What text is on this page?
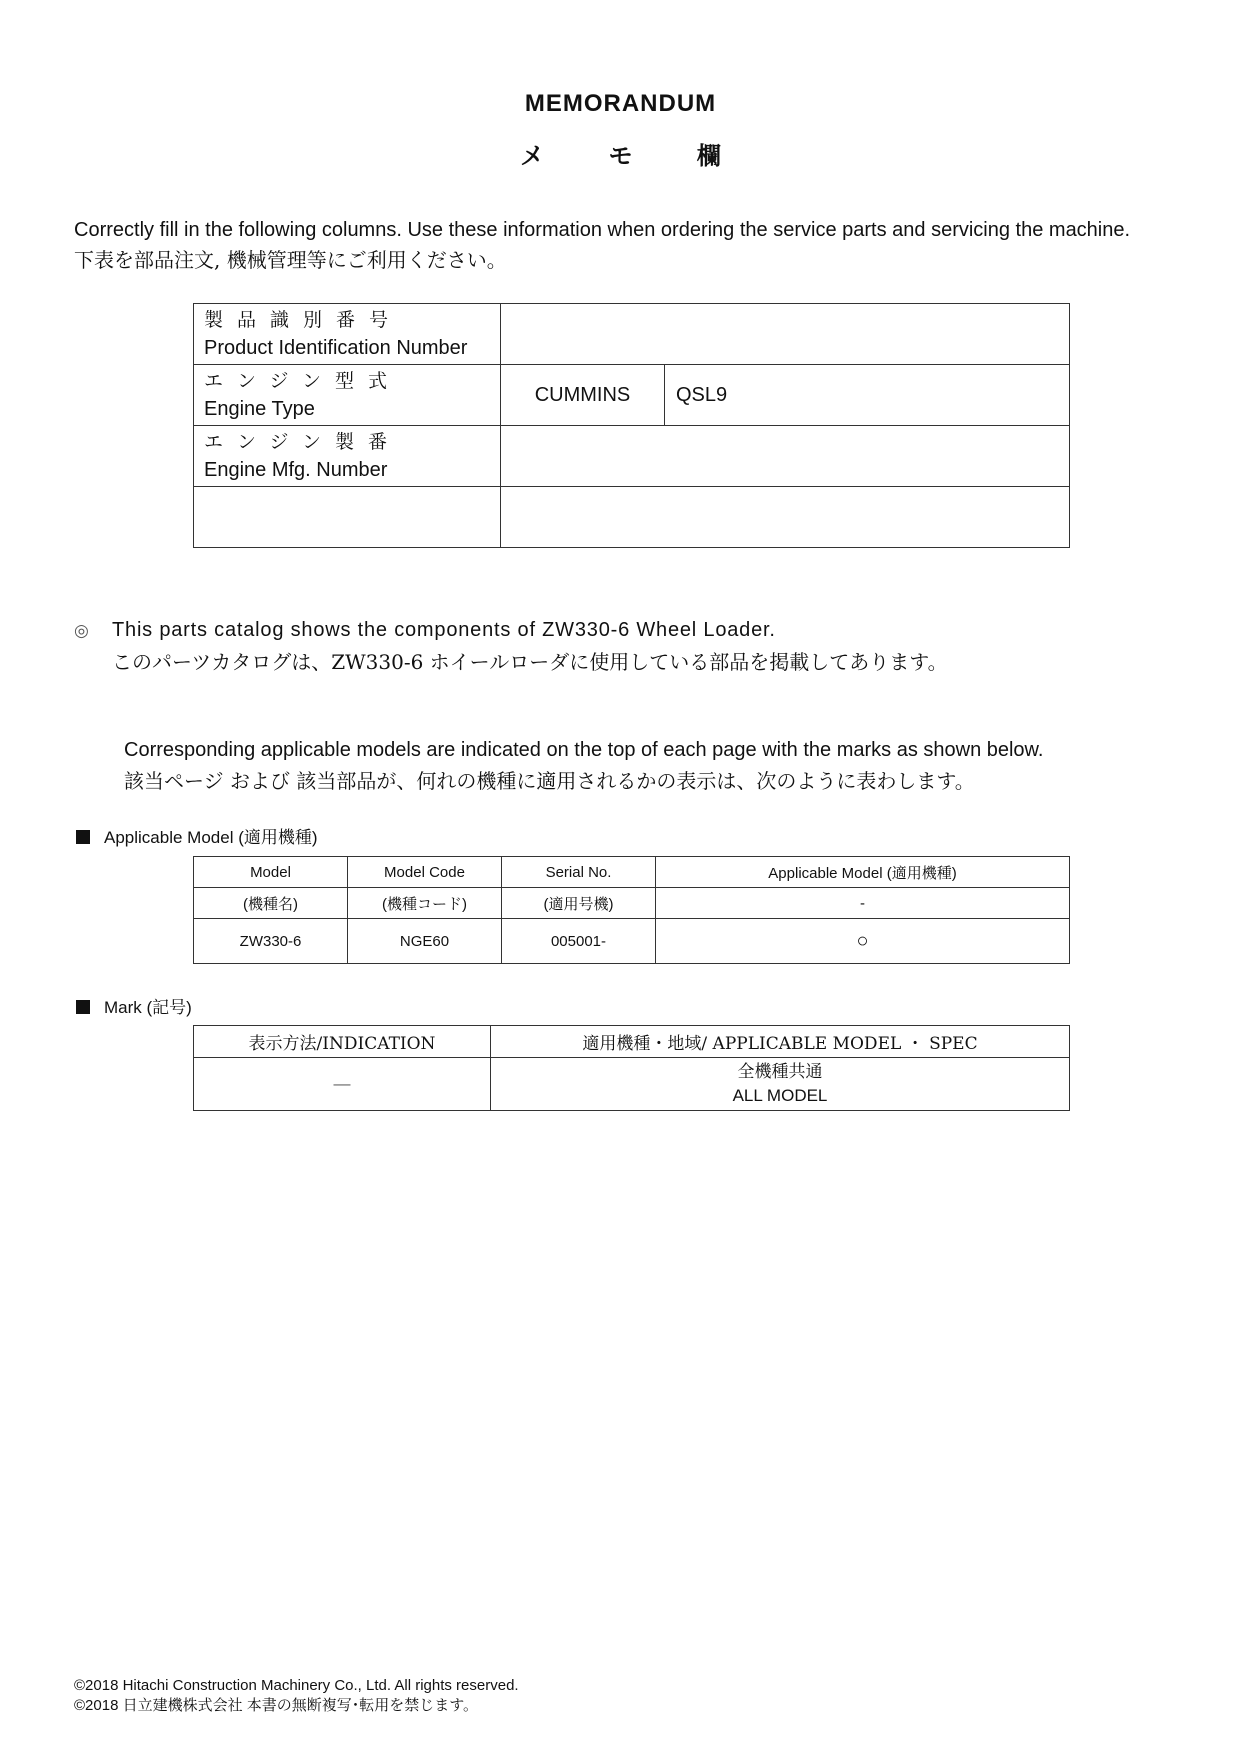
MEMORANDUM
メ	モ	欄
Correctly fill in the following columns. Use these information when ordering the service parts and servicing the machine.
下表を部品注文, 機械管理等にご利用ください。
製品識別番号
Product Identification Number		

エンジン型式
Engine Type	CUMMINS	QSL9

エンジン製番
Engine Mfg. Number		

◎ This parts catalog shows the components of ZW330-6 Wheel Loader.
このパーツカタログは、ZW330-6 ホイールローダに使用している部品を掲載してあります。
Corresponding applicable models are indicated on the top of each page with the marks as shown below.
該当ページ および 該当部品が、何れの機種に適用されるかの表示は、次のように表わします。
Applicable Model (適用機種)
Model	Model Code	Serial No.	Applicable Model (適用機種)
(機種名)	(機種コード)	(適用号機)	-
ZW330-6	NGE60	005001-	○
Mark (記号)
表示方法/INDICATION	適用機種・地域/ APPLICABLE MODEL ・ SPEC
—	全機種共通
ALL MODEL
©2018 Hitachi Construction Machinery Co., Ltd. All rights reserved.
©2018 日立建機株式会社 本書の無断複写･転用を禁じます。
